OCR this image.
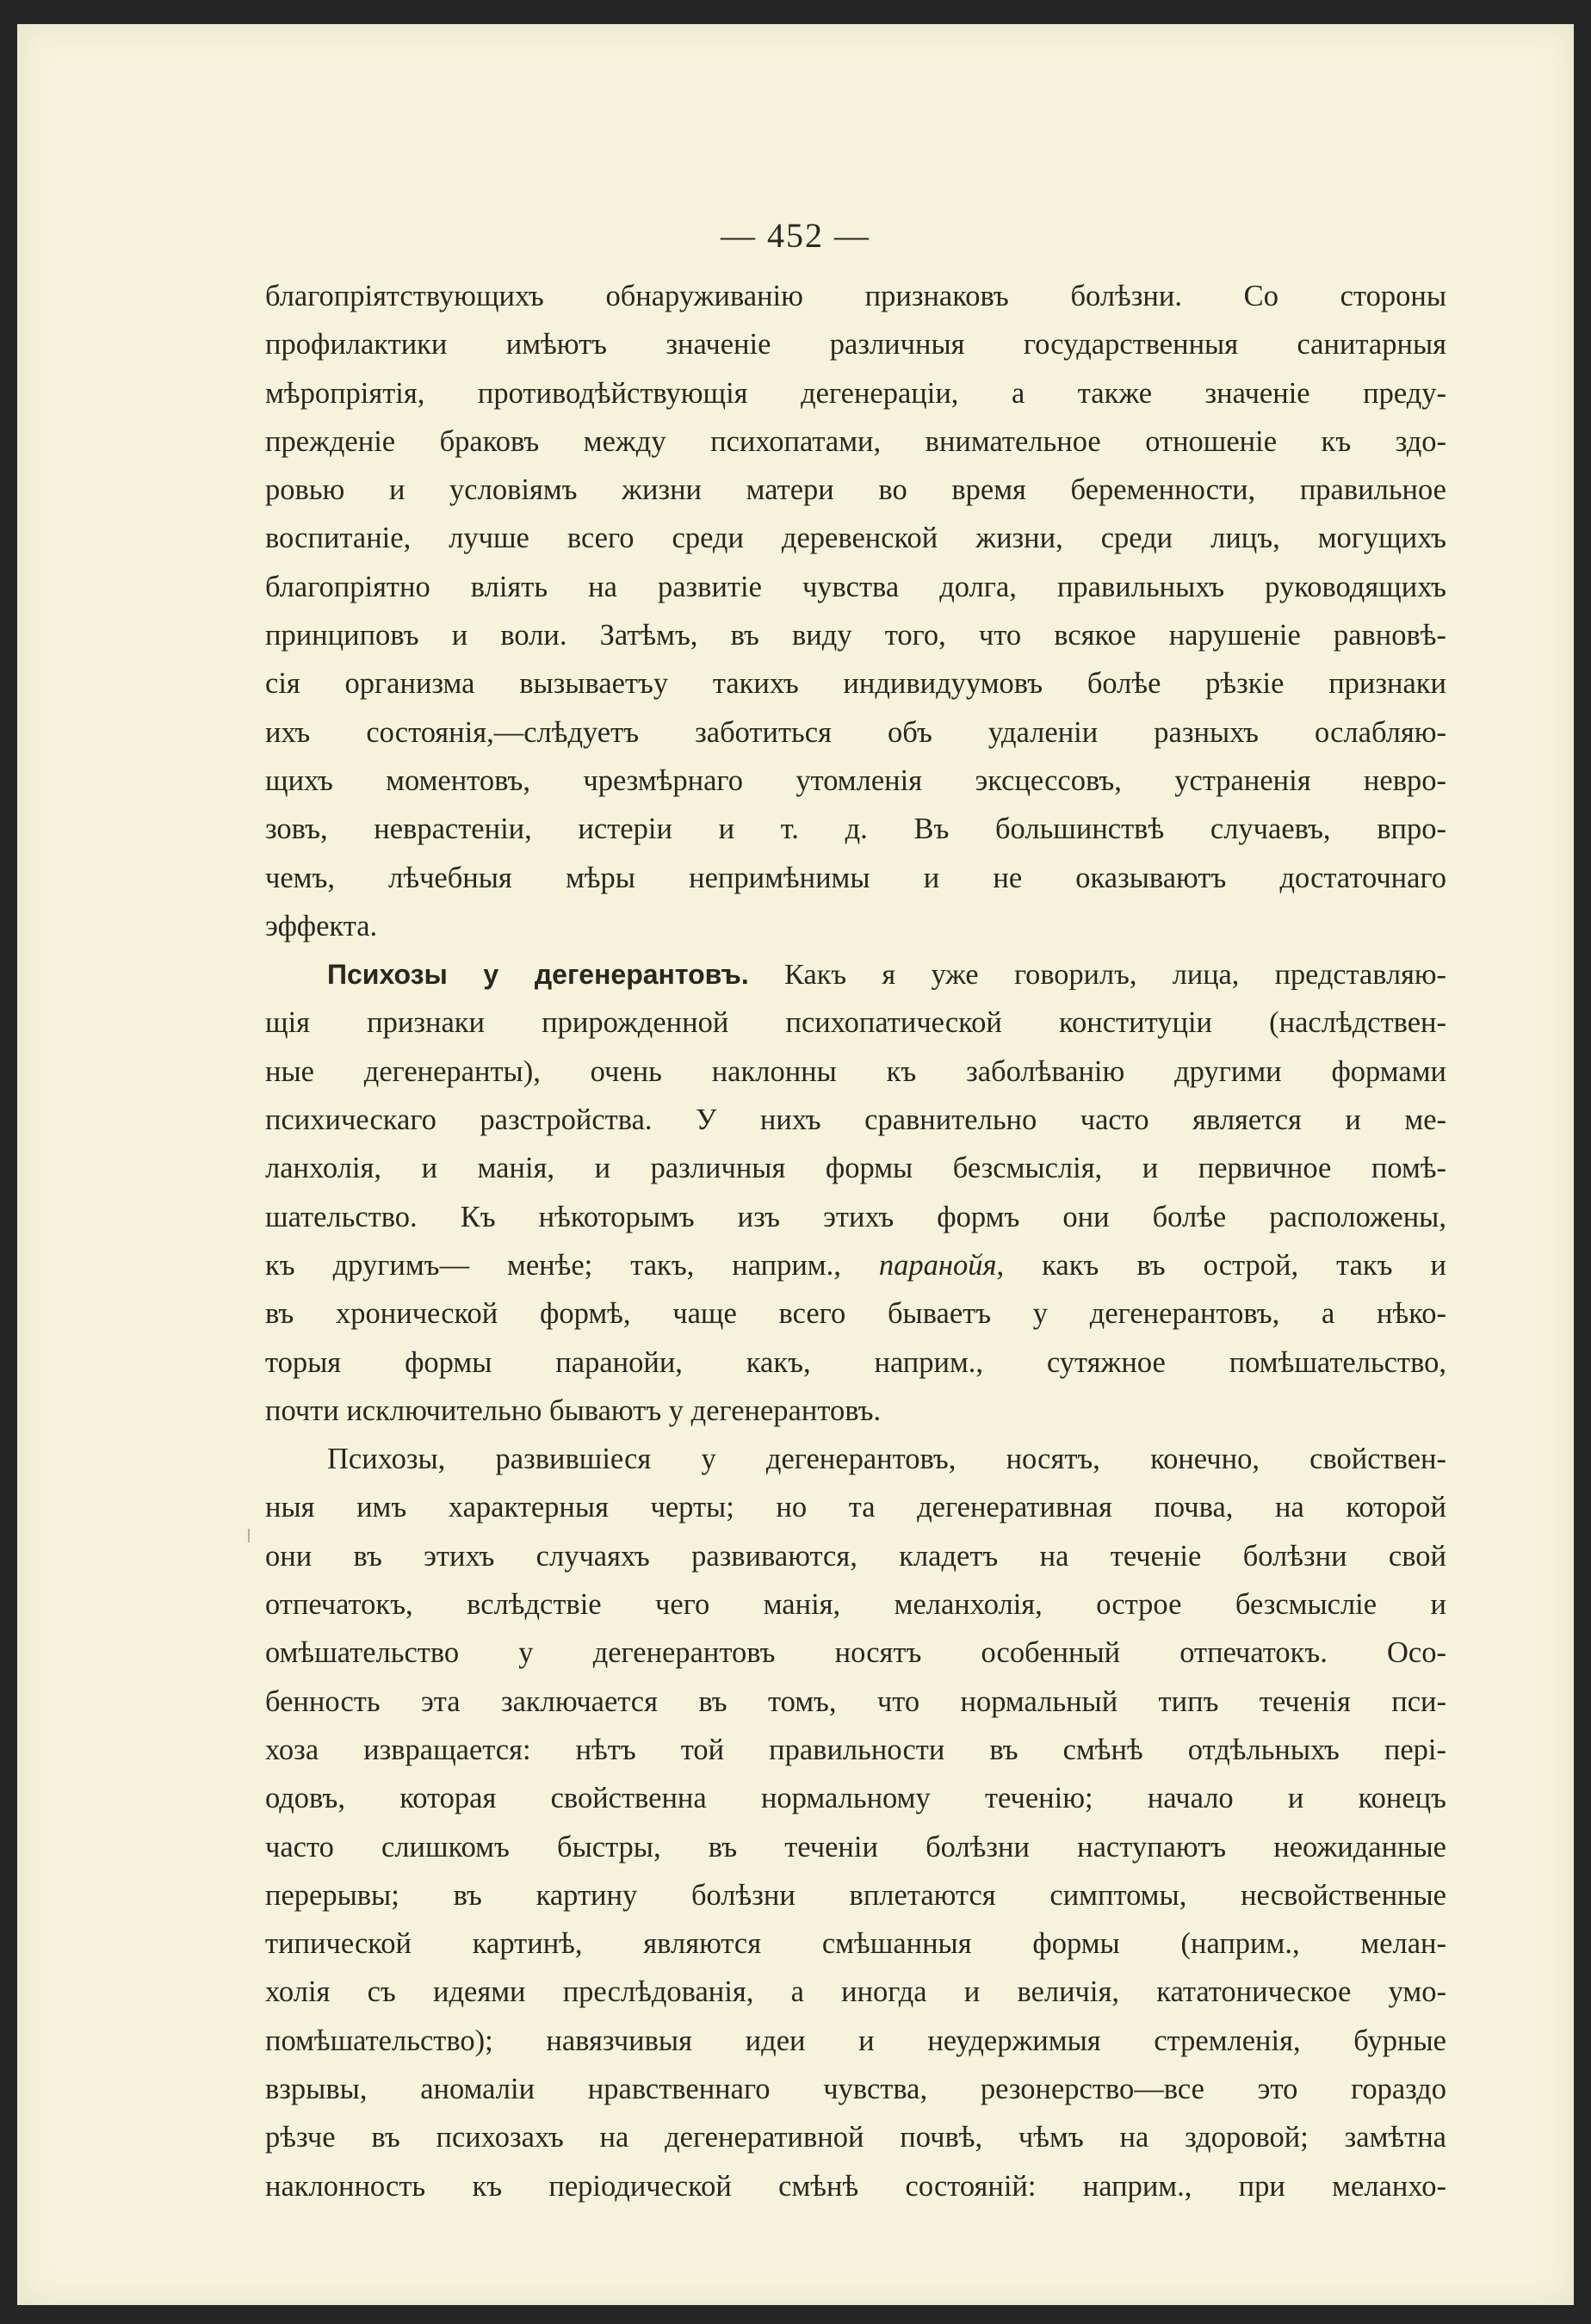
— 452 —
благопріятствующихъ обнаруживанію признаковъ болѣзни. Со стороны
профилактики имѣютъ значеніе различныя государственныя санитарныя
мѣропріятія, противодѣйствующія дегенераціи, а также значеніе преду-
прежденіе браковъ между психопатами, внимательное отношеніе къ здо-
ровью и условіямъ жизни матери во время беременности, правильное
воспитаніе, лучше всего среди деревенской жизни, среди лицъ, могущихъ
благопріятно вліять на развитіе чувства долга, правильныхъ руководящихъ
принциповъ и воли. Затѣмъ, въ виду того, что всякое нарушеніе равновѣ-
сія организма вызываетъу такихъ индивидуумовъ болѣе рѣзкіе признаки
ихъ состоянія,—слѣдуетъ заботиться объ удаленіи разныхъ ослабляю-
щихъ моментовъ, чрезмѣрнаго утомленія эксцессовъ, устраненія невро-
зовъ, неврастеніи, истеріи и т. д. Въ большинствѣ случаевъ, впро-
чемъ, лѣчебныя мѣры непримѣнимы и не оказываютъ достаточнаго
эффекта.
Психозы у дегенерантовъ. Какъ я уже говорилъ, лица, представляю-
щія признаки прирожденной психопатической конституціи (наслѣдствен-
ные дегенеранты), очень наклонны къ заболѣванію другими формами
психическаго разстройства. У нихъ сравнительно часто является и ме-
ланхолія, и манія, и различныя формы безсмыслія, и первичное помѣ-
шательство. Къ нѣкоторымъ изъ этихъ формъ они болѣе расположены,
къ другимъ— менѣе; такъ, наприм., паранойя, какъ въ острой, такъ и
въ хронической формѣ, чаще всего бываетъ у дегенерантовъ, а нѣко-
торыя формы паранойи, какъ, наприм., сутяжное помѣшательство,
почти исключительно бываютъ у дегенерантовъ.
Психозы, развившіеся у дегенерантовъ, носятъ, конечно, свойствен-
ныя имъ характерныя черты; но та дегенеративная почва, на которой
они въ этихъ случаяхъ развиваются, кладетъ на теченіе болѣзни свой
отпечатокъ, вслѣдствіе чего манія, меланхолія, острое безсмысліе и
омѣшательство у дегенерантовъ носятъ особенный отпечатокъ. Осо-
бенность эта заключается въ томъ, что нормальный типъ теченія пси-
хоза извращается: нѣтъ той правильности въ смѣнѣ отдѣльныхъ пері-
одовъ, которая свойственна нормальному теченію; начало и конецъ
часто слишкомъ быстры, въ теченіи болѣзни наступаютъ неожиданные
перерывы; въ картину болѣзни вплетаются симптомы, несвойственные
типической картинѣ, являются смѣшанныя формы (наприм., мелан-
холія съ идеями преслѣдованія, а иногда и величія, кататоническое умо-
помѣшательство); навязчивыя идеи и неудержимыя стремленія, бурные
взрывы, аномаліи нравственнаго чувства, резонерство—все это гораздо
рѣзче въ психозахъ на дегенеративной почвѣ, чѣмъ на здоровой; замѣтна
наклонность къ періодической смѣнѣ состояній: наприм., при меланхо-
